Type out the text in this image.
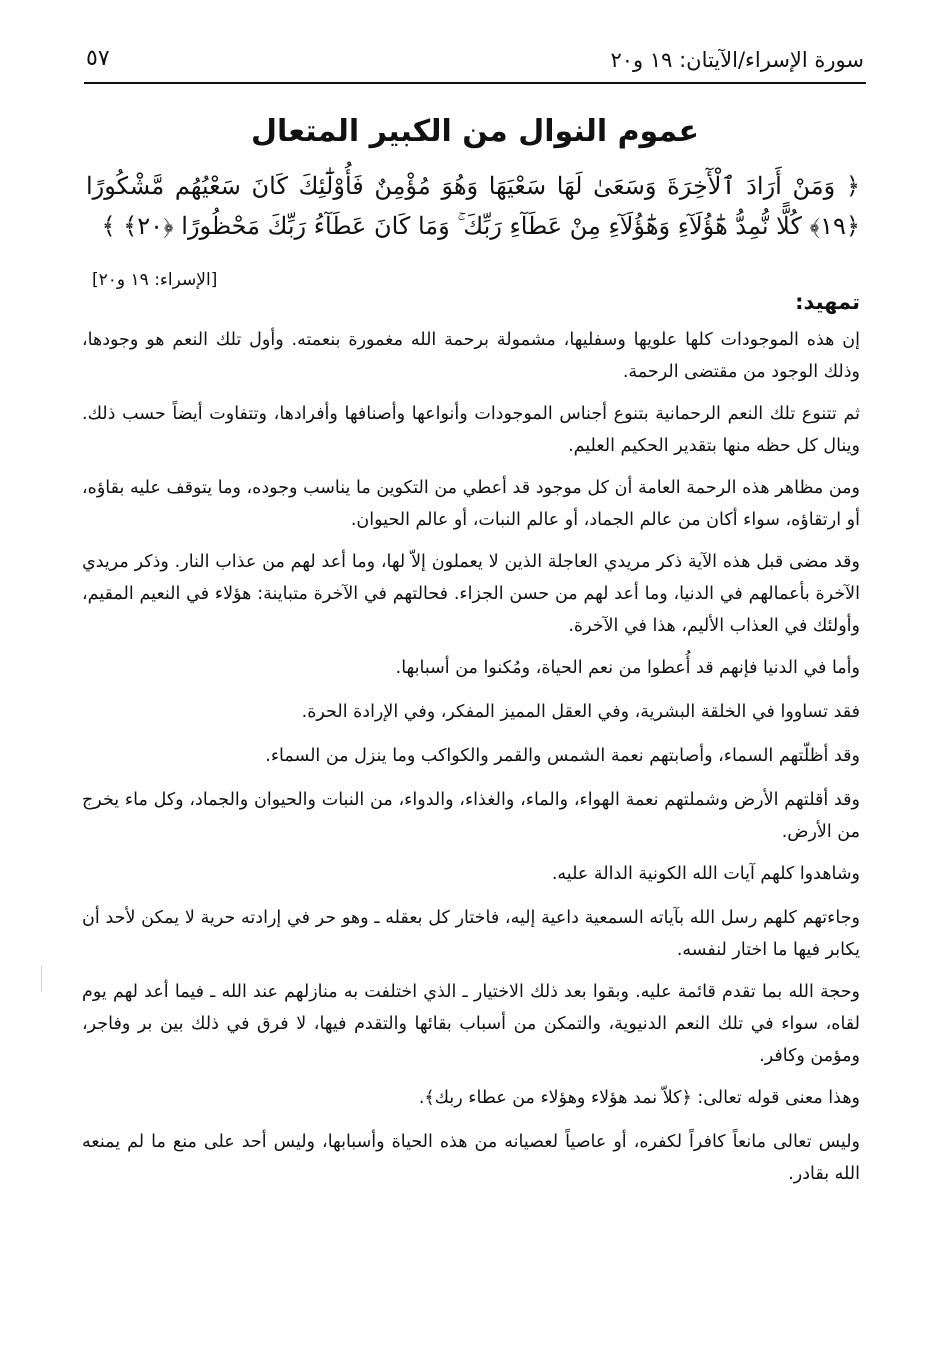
سورة الإسراء/الآيتان: ١٩ و٢٠
٥٧
عموم النوال من الكبير المتعال
﴿ وَمَنْ أَرَادَ ٱلْأٓخِرَةَ وَسَعَىٰ لَهَا سَعْيَهَا وَهُوَ مُؤْمِنٌ فَأُوْلَٰٓئِكَ كَانَ سَعْيُهُم مَّشْكُورًا ﴿١٩﴾ كُلًّا نُّمِدُّ هَٰٓؤُلَآءِ وَهَٰٓؤُلَآءِ مِنْ عَطَآءِ رَبِّكَ ۚ وَمَا كَانَ عَطَآءُ رَبِّكَ مَحْظُورًا ﴿٢٠﴾ ﴾
[الإسراء: ١٩ و٢٠]
تمهيد:

إن هذه الموجودات كلها علويها وسفليها، مشمولة برحمة الله مغمورة بنعمته. وأول تلك النعم هو وجودها، وذلك الوجود من مقتضى الرحمة.

ثم تتنوع تلك النعم الرحمانية بتنوع أجناس الموجودات وأنواعها وأصنافها وأفرادها، وتتفاوت أيضاً حسب ذلك. وينال كل حظه منها بتقدير الحكيم العليم.

ومن مظاهر هذه الرحمة العامة أن كل موجود قد أعطي من التكوين ما يناسب وجوده، وما يتوقف عليه بقاؤه، أو ارتقاؤه، سواء أكان من عالم الجماد، أو عالم النبات، أو عالم الحيوان.

وقد مضى قبل هذه الآية ذكر مريدي العاجلة الذين لا يعملون إلاّ لها، وما أعد لهم من عذاب النار. وذكر مريدي الآخرة بأعمالهم في الدنيا، وما أعد لهم من حسن الجزاء. فحالتهم في الآخرة متباينة: هؤلاء في النعيم المقيم، وأولئك في العذاب الأليم، هذا في الآخرة.

وأما في الدنيا فإنهم قد أُعطوا من نعم الحياة، ومُكنوا من أسبابها.

فقد تساووا في الخلقة البشرية، وفي العقل المميز المفكر، وفي الإرادة الحرة.

وقد أظلّتهم السماء، وأصابتهم نعمة الشمس والقمر والكواكب وما ينزل من السماء.

وقد أقلتهم الأرض وشملتهم نعمة الهواء، والماء، والغذاء، والدواء، من النبات والحيوان والجماد، وكل ماء يخرج من الأرض.

وشاهدوا كلهم آيات الله الكونية الدالة عليه.

وجاءتهم كلهم رسل الله بآياته السمعية داعية إليه، فاختار كل بعقله ـ وهو حر في إرادته حرية لا يمكن لأحد أن يكابر فيها ما اختار لنفسه.

وحجة الله بما تقدم قائمة عليه. وبقوا بعد ذلك الاختيار ـ الذي اختلفت به منازلهم عند الله ـ فيما أعد لهم يوم لقاه، سواء في تلك النعم الدنيوية، والتمكن من أسباب بقائها والتقدم فيها، لا فرق في ذلك بين بر وفاجر، ومؤمن وكافر.

وهذا معنى قوله تعالى: ﴿كلاّ نمد هؤلاء وهؤلاء من عطاء ربك﴾.

وليس تعالى مانعاً كافراً لكفره، أو عاصياً لعصيانه من هذه الحياة وأسبابها، وليس أحد على منع ما لم يمنعه الله بقادر.
